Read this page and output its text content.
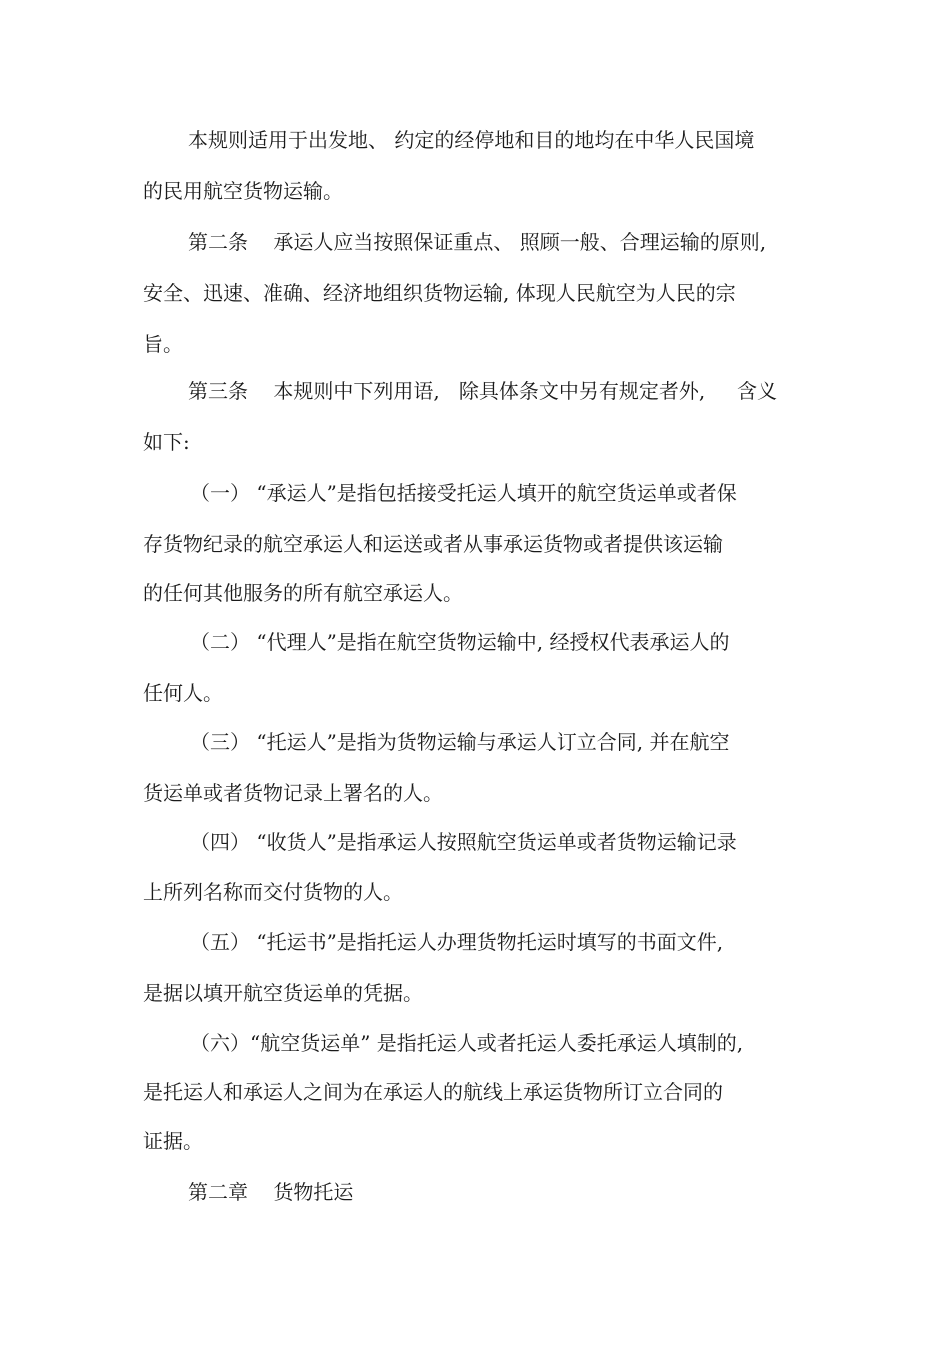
本规则适用于出发地、 约定的经停地和目的地均在中华人民国境

的民用航空货物运输。

第二条    承运人应当按照保证重点、 照顾一般、合理运输的原则,

安全、迅速、准确、经济地组织货物运输, 体现人民航空为人民的宗

旨。

第三条    本规则中下列用语,   除具体条文中另有规定者外,     含义

如下:

（一） “承运人”是指包括接受托运人填开的航空货运单或者保

存货物纪录的航空承运人和运送或者从事承运货物或者提供该运输

的任何其他服务的所有航空承运人。

（二） “代理人”是指在航空货物运输中, 经授权代表承运人的

任何人。

（三） “托运人”是指为货物运输与承运人订立合同, 并在航空

货运单或者货物记录上署名的人。

（四） “收货人”是指承运人按照航空货运单或者货物运输记录

上所列名称而交付货物的人。

（五） “托运书”是指托运人办理货物托运时填写的书面文件,

是据以填开航空货运单的凭据。

（六）“航空货运单” 是指托运人或者托运人委托承运人填制的,

是托运人和承运人之间为在承运人的航线上承运货物所订立合同的

证据。

第二章    货物托运
